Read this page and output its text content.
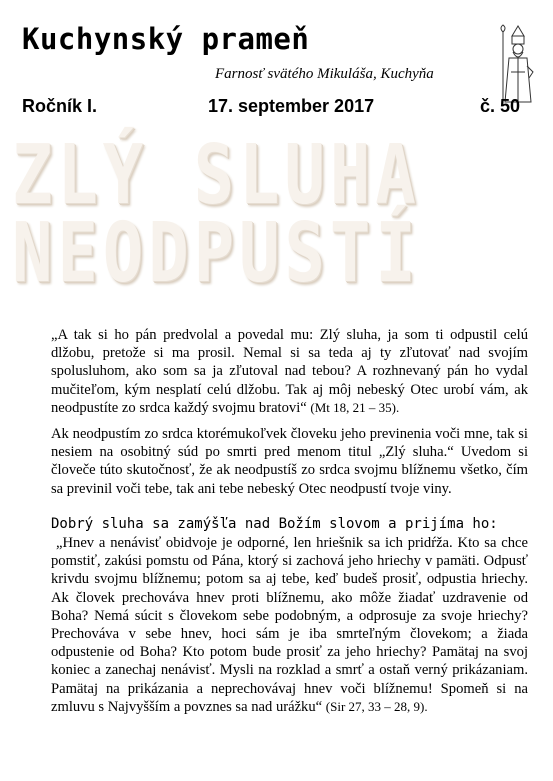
Kuchynský prameň
Farnosť svätého Mikuláša, Kuchyňa
Ročník I.	17. september 2017	č. 50
ZLÝ SLUHA
NEODPUSTÍ
„A tak si ho pán predvolal a povedal mu: Zlý sluha, ja som ti odpustil celú dlžobu, pretože si ma prosil. Nemal si sa teda aj ty zľutovať nad svojím spolusluhom, ako som sa ja zľutoval nad tebou? A rozhnevaný pán ho vydal mučiteľom, kým nesplatí celú dlžobu. Tak aj môj nebeský Otec urobí vám, ak neodpustíte zo srdca každý svojmu bratovi“ (Mt 18, 21 – 35).
Ak neodpustím zo srdca ktorémukoľvek človeku jeho previnenia voči mne, tak si nesiem na osobitný súd po smrti pred menom titul „Zlý sluha.“ Uvedom si človeče túto skutočnosť, že ak neodpustíš zo srdca svojmu blížnemu všetko, čím sa previnil voči tebe, tak ani tebe nebeský Otec neodpustí tvoje viny.
Dobrý sluha sa zamýšľa nad Božím slovom a prijíma ho:
„Hnev a nenávisť obidvoje je odporné, len hriešnik sa ich pridŕža. Kto sa chce pomstiť, zakúsi pomstu od Pána, ktorý si zachová jeho hriechy v pamäti. Odpusť krivdu svojmu blížnemu; potom sa aj tebe, keď budeš prosiť, odpustia hriechy. Ak človek prechováva hnev proti blížnemu, ako môže žiadať uzdravenie od Boha? Nemá súcit s človekom sebe podobným, a odprosuje za svoje hriechy? Prechováva v sebe hnev, hoci sám je iba smrteľným človekom; a žiada odpustenie od Boha? Kto potom bude prosiť za jeho hriechy? Pamätaj na svoj koniec a zanechaj nenávisť. Mysli na rozklad a smrť a ostaň verný prikázaniam. Pamätaj na prikázania a neprechovávaj hnev voči blížnemu! Spomeň si na zmluvu s Najvyšším a povznes sa nad urážku“ (Sir 27, 33 – 28, 9).
